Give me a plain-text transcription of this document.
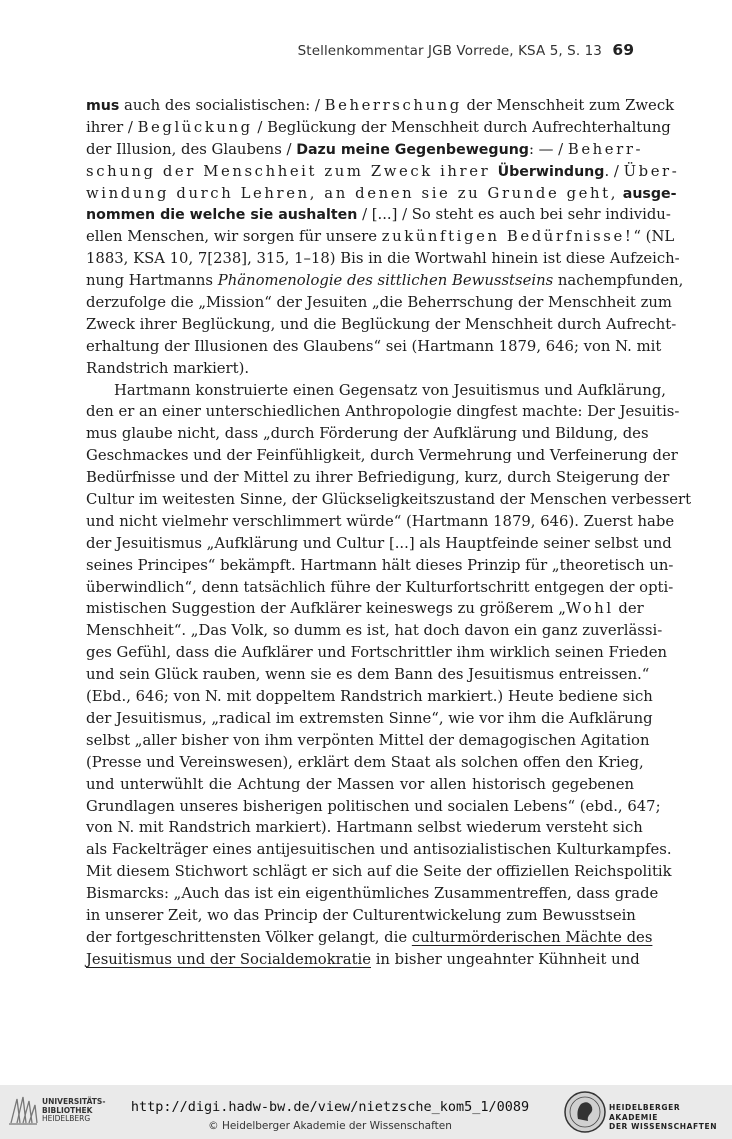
Stellenkommentar JGB Vorrede, KSA 5, S. 13 69
mus auch des socialistischen: / Beherrschung der Menschheit zum Zweck
ihrer / Beglückung / Beglückung der Menschheit durch Aufrechterhaltung
der Illusion, des Glaubens / Dazu meine Gegenbewegung: — / Beherr-
schung der Menschheit zum Zweck ihrer Überwindung. / Über-
windung durch Lehren, an denen sie zu Grunde geht, ausge-
nommen die welche sie aushalten / [...] / So steht es auch bei sehr individu-
ellen Menschen, wir sorgen für unsere zukünftigen Bedürfnisse!“ (NL
1883, KSA 10, 7[238], 315, 1–18) Bis in die Wortwahl hinein ist diese Aufzeich-
nung Hartmanns Phänomenologie des sittlichen Bewusstseins nachempfunden,
derzufolge die „Mission“ der Jesuiten „die Beherrschung der Menschheit zum
Zweck ihrer Beglückung, und die Beglückung der Menschheit durch Aufrecht-
erhaltung der Illusionen des Glaubens“ sei (Hartmann 1879, 646; von N. mit
Randstrich markiert).
Hartmann konstruierte einen Gegensatz von Jesuitismus und Aufklärung,
den er an einer unterschiedlichen Anthropologie dingfest machte: Der Jesuitis-
mus glaube nicht, dass „durch Förderung der Aufklärung und Bildung, des
Geschmackes und der Feinfühligkeit, durch Vermehrung und Verfeinerung der
Bedürfnisse und der Mittel zu ihrer Befriedigung, kurz, durch Steigerung der
Cultur im weitesten Sinne, der Glückseligkeitszustand der Menschen verbessert
und nicht vielmehr verschlimmert würde“ (Hartmann 1879, 646). Zuerst habe
der Jesuitismus „Aufklärung und Cultur [...] als Hauptfeinde seiner selbst und
seines Principes“ bekämpft. Hartmann hält dieses Prinzip für „theoretisch un-
überwindlich“, denn tatsächlich führe der Kulturfortschritt entgegen der opti-
mistischen Suggestion der Aufklärer keineswegs zu größerem „Wohl der
Menschheit“. „Das Volk, so dumm es ist, hat doch davon ein ganz zuverlässi-
ges Gefühl, dass die Aufklärer und Fortschrittler ihm wirklich seinen Frieden
und sein Glück rauben, wenn sie es dem Bann des Jesuitismus entreissen.“
(Ebd., 646; von N. mit doppeltem Randstrich markiert.) Heute bediene sich
der Jesuitismus, „radical im extremsten Sinne“, wie vor ihm die Aufklärung
selbst „aller bisher von ihm verpönten Mittel der demagogischen Agitation
(Presse und Vereinswesen), erklärt dem Staat als solchen offen den Krieg,
und unterwühlt die Achtung der Massen vor allen historisch gegebenen
Grundlagen unseres bisherigen politischen und socialen Lebens“ (ebd., 647;
von N. mit Randstrich markiert). Hartmann selbst wiederum versteht sich
als Fackelträger eines antijesuitischen und antisozialistischen Kulturkampfes.
Mit diesem Stichwort schlägt er sich auf die Seite der offiziellen Reichspolitik
Bismarcks: „Auch das ist ein eigenthümliches Zusammentreffen, dass grade
in unserer Zeit, wo das Princip der Culturentwickelung zum Bewusstsein
der fortgeschrittensten Völker gelangt, die culturmörderischen Mächte des
Jesuitismus und der Socialdemokratie in bisher ungeahnter Kühnheit und
UNIVERSITÄTS-
BIBLIOTHEK
HEIDELBERG
http://digi.hadw-bw.de/view/nietzsche_kom5_1/0089
© Heidelberger Akademie der Wissenschaften
HEIDELBERGER AKADEMIE
DER WISSENSCHAFTEN
